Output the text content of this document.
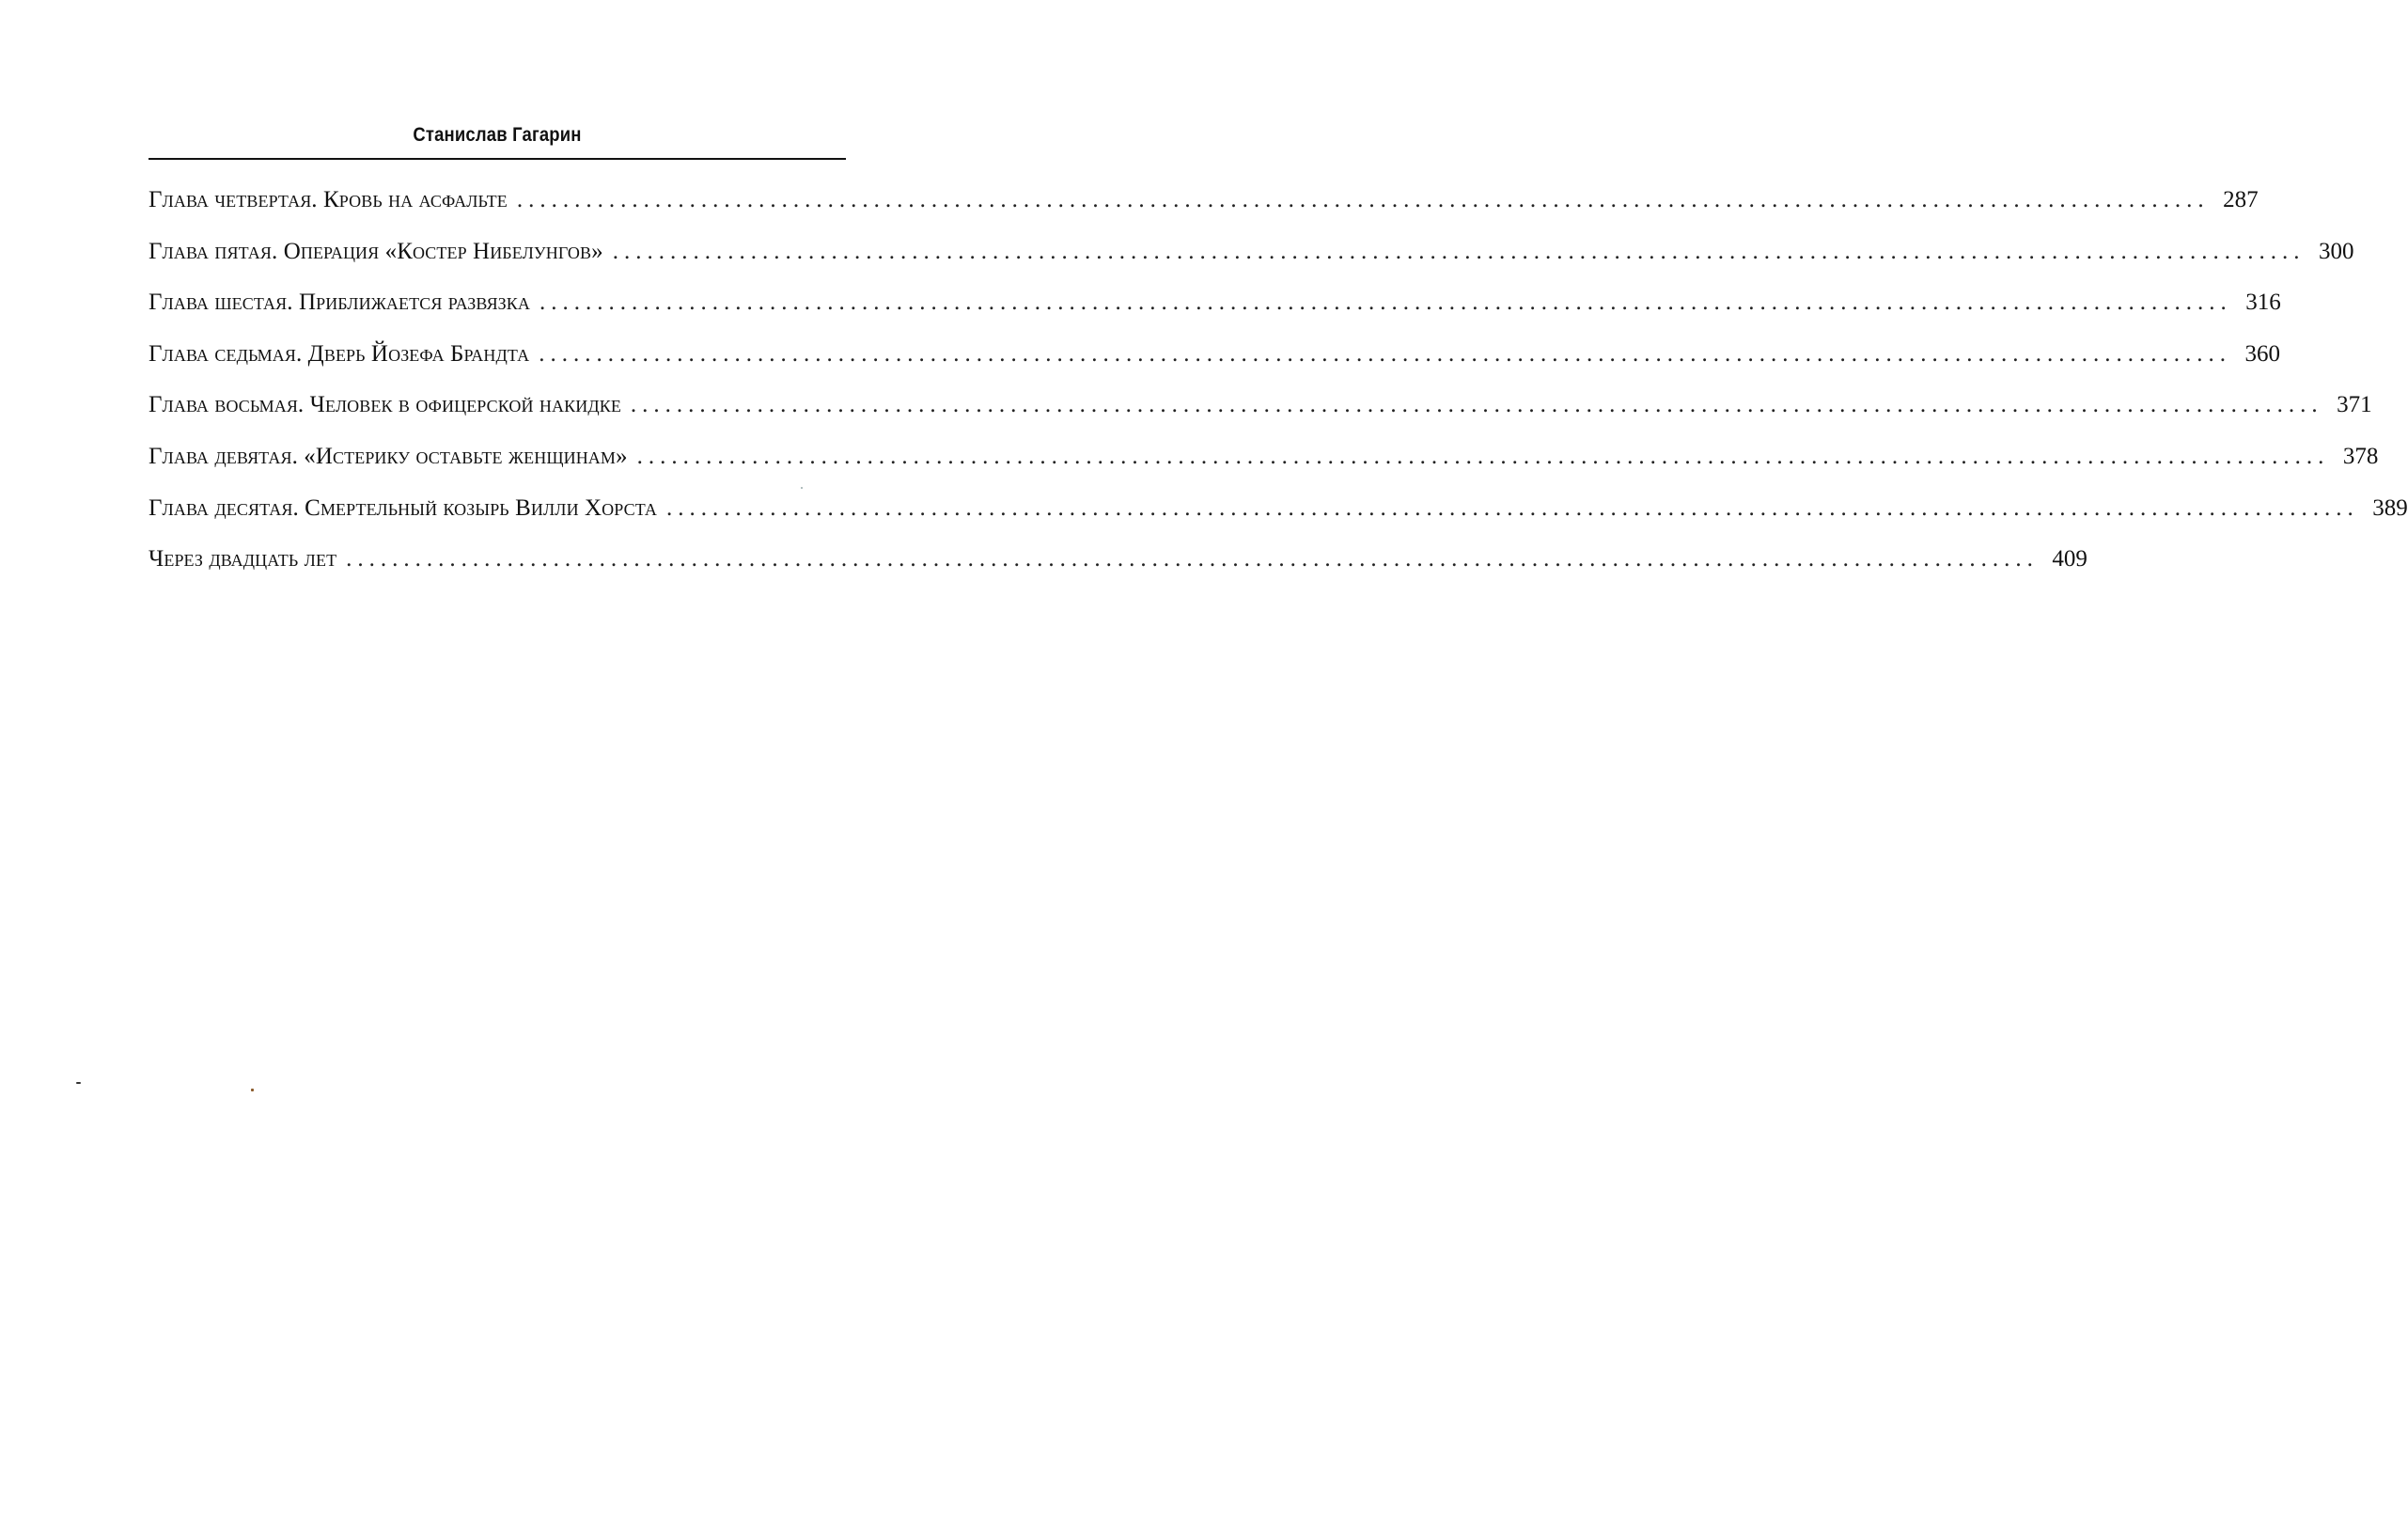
Станислав Гагарин
Глава четвертая. Кровь на асфальте ................................................................................................................................................... 287
Глава пятая. Операция «Костер Нибелунгов» ................................................................................................................................................... 300
Глава шестая. Приближается развязка ................................................................................................................................................... 316
Глава седьмая. Дверь Йозефа Брандта ................................................................................................................................................... 360
Глава восьмая. Человек в офицерской накидке ................................................................................................................................................... 371
Глава девятая. «Истерику оставьте женщинам» ................................................................................................................................................... 378
Глава десятая. Смертельный козырь Вилли Хорста ................................................................................................................................................... 389
Через двадцать лет ................................................................................................................................................... 409
